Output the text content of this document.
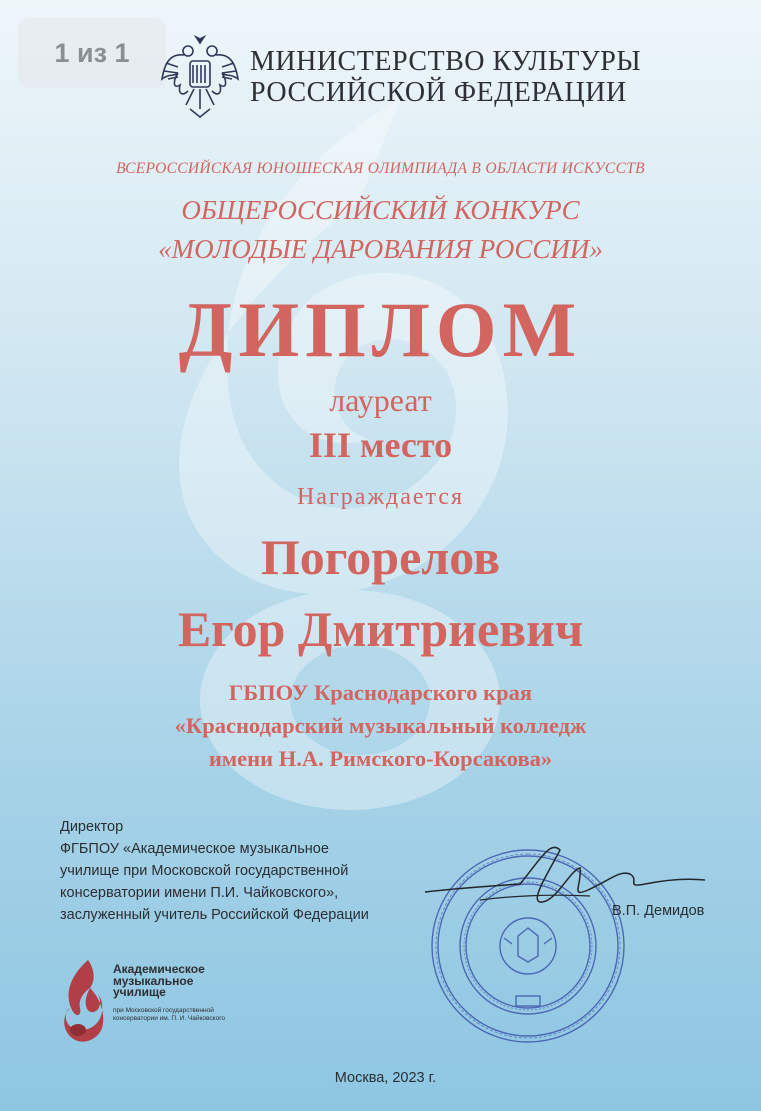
1 из 1	МИНИСТЕРСТВО КУЛЬТУРЫ
РОССИЙСКОЙ ФЕДЕРАЦИИ
ВСЕРОССИЙСКАЯ ЮНОШЕСКАЯ ОЛИМПИАДА В ОБЛАСТИ ИСКУССТВ
ОБЩЕРОССИЙСКИЙ КОНКУРС
«МОЛОДЫЕ ДАРОВАНИЯ РОССИИ»
ДИПЛОМ
лауреат
III место
Награждается
Погорелов
Егор Дмитриевич
ГБПОУ Краснодарского края
«Краснодарский музыкальный колледж
имени Н.А. Римского-Корсакова»
Директор
ФГБПОУ «Академическое музыкальное
училище при Московской государственной
консерватории имени П.И. Чайковского»,
заслуженный учитель Российской Федерации	В.П. Демидов
Академическое
музыкальное
училище
при Московской государственной
консерватории им. П. И. Чайковского
Москва, 2023 г.
